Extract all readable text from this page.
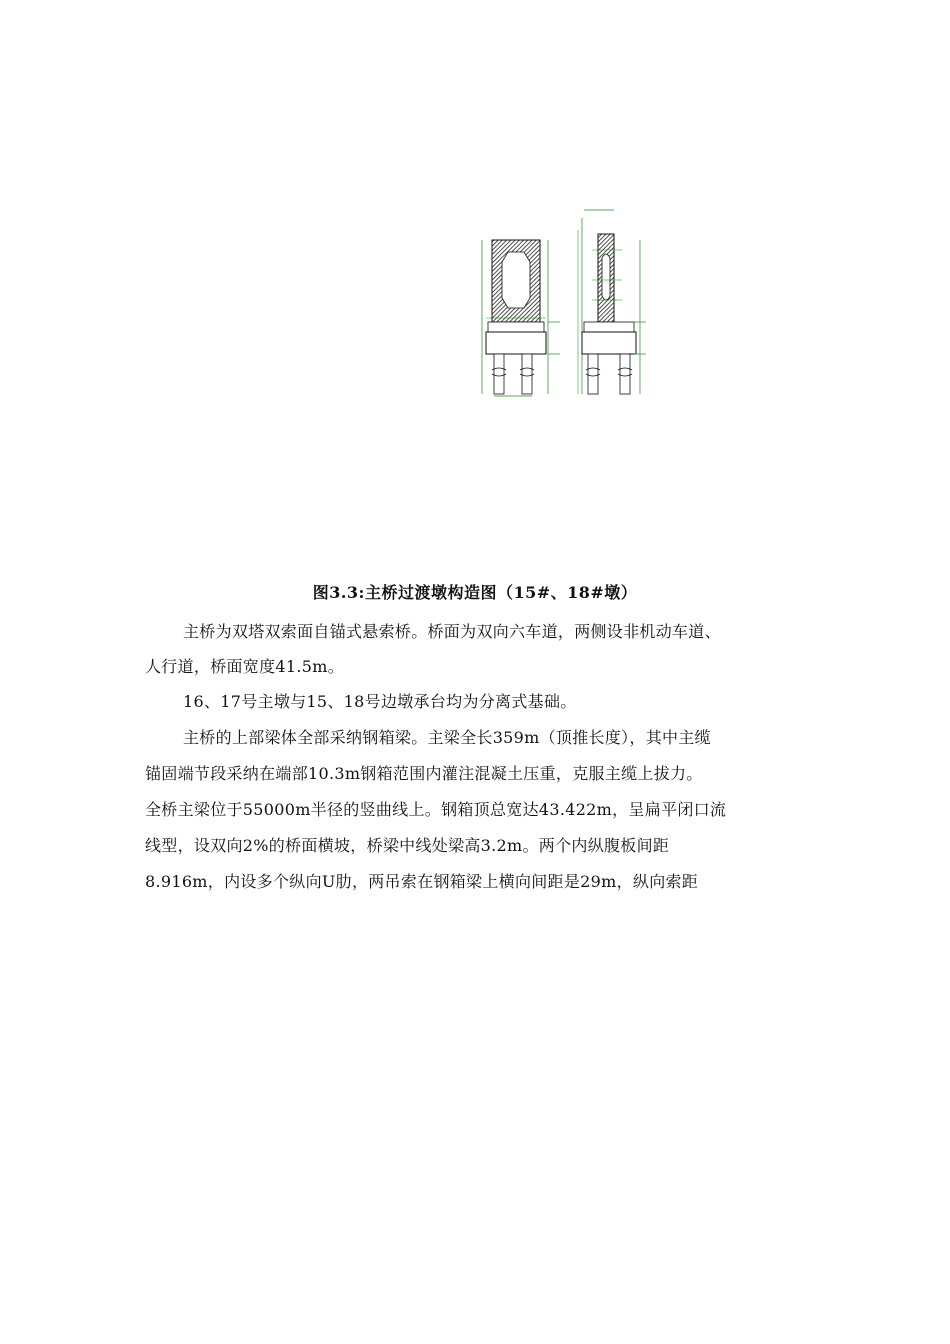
图3.3:主桥过渡墩构造图（15#、18#墩）
主桥为双塔双索面自锚式悬索桥。桥面为双向六车道，两侧设非机动车道、
人行道，桥面宽度41.5m。
16、17号主墩与15、18号边墩承台均为分离式基础。
主桥的上部梁体全部采纳钢箱梁。主梁全长359m（顶推长度），其中主缆
锚固端节段采纳在端部10.3m钢箱范围内灌注混凝土压重，克服主缆上拔力。
全桥主梁位于55000m半径的竖曲线上。钢箱顶总宽达43.422m，呈扁平闭口流
线型，设双向2%的桥面横坡，桥梁中线处梁高3.2m。两个内纵腹板间距
8.916m，内设多个纵向U肋，两吊索在钢箱梁上横向间距是29m，纵向索距
